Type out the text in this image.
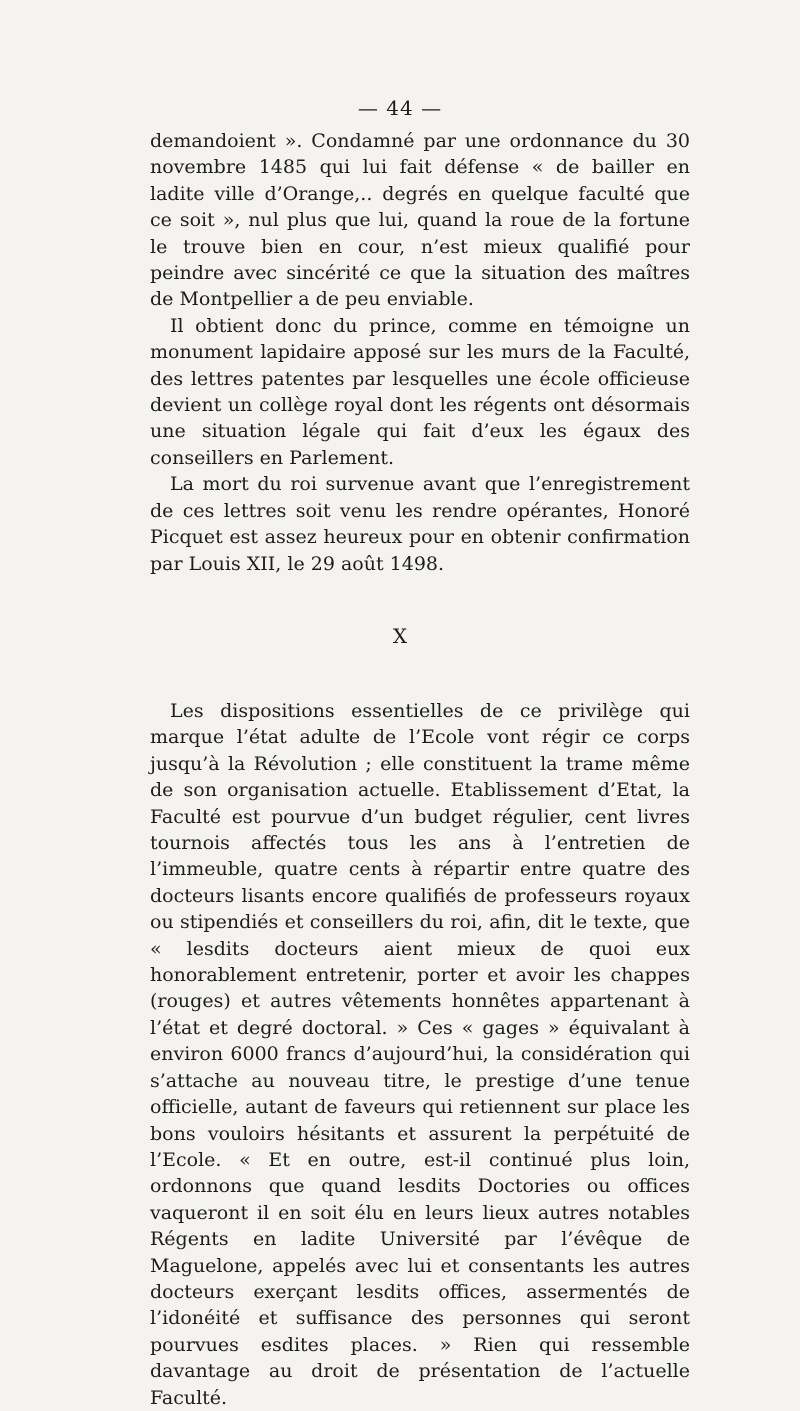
— 44 —

demandoient ». Condamné par une ordonnance du 30 novembre 1485 qui lui fait défense « de bailler en ladite ville d’Orange,.. degrés en quelque faculté que ce soit », nul plus que lui, quand la roue de la fortune le trouve bien en cour, n’est mieux qualifié pour peindre avec sincérité ce que la situation des maîtres de Montpellier a de peu enviable.

Il obtient donc du prince, comme en témoigne un monument lapidaire apposé sur les murs de la Faculté, des lettres patentes par lesquelles une école officieuse devient un collège royal dont les régents ont désormais une situation légale qui fait d’eux les égaux des conseillers en Parlement.

La mort du roi survenue avant que l’enregistrement de ces lettres soit venu les rendre opérantes, Honoré Picquet est assez heureux pour en obtenir confirmation par Louis XII, le 29 août 1498.

X

Les dispositions essentielles de ce privilège qui marque l’état adulte de l’Ecole vont régir ce corps jusqu’à la Révolution ; elle constituent la trame même de son organisation actuelle. Etablissement d’Etat, la Faculté est pourvue d’un budget régulier, cent livres tournois affectés tous les ans à l’entretien de l’immeuble, quatre cents à répartir entre quatre des docteurs lisants encore qualifiés de professeurs royaux ou stipendiés et conseillers du roi, afin, dit le texte, que « lesdits docteurs aient mieux de quoi eux honorablement entretenir, porter et avoir les chappes (rouges) et autres vêtements honnêtes appartenant à l’état et degré doctoral. » Ces « gages » équivalant à environ 6000 francs d’aujourd’hui, la considération qui s’attache au nouveau titre, le prestige d’une tenue officielle, autant de faveurs qui retiennent sur place les bons vouloirs hésitants et assurent la perpétuité de l’Ecole. « Et en outre, est-il continué plus loin, ordonnons que quand lesdits Doctories ou offices vaqueront il en soit élu en leurs lieux autres notables Régents en ladite Université par l’évêque de Maguelone, appelés avec lui et consentants les autres docteurs exerçant lesdits offices, assermentés de l’idonéité et suffisance des personnes qui seront pourvues esdites places. » Rien qui ressemble davantage au droit de présentation de l’actuelle Faculté.
